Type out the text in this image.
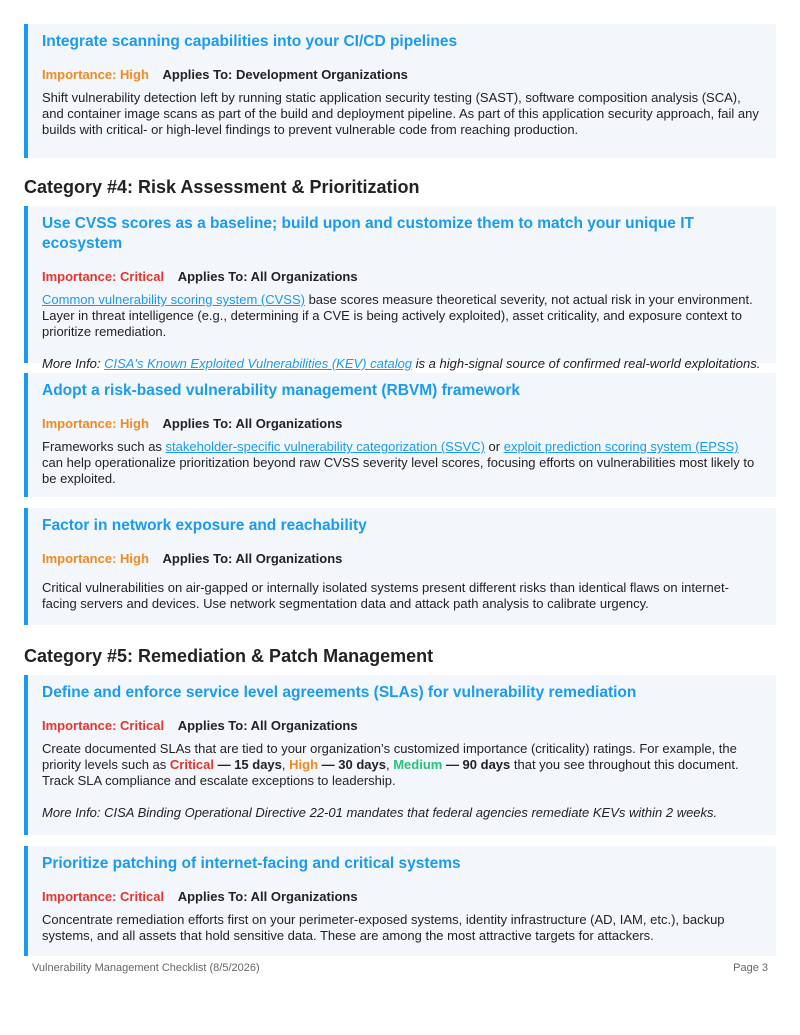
Integrate scanning capabilities into your CI/CD pipelines
Importance: High Applies To: Development Organizations
Shift vulnerability detection left by running static application security testing (SAST), software composition analysis (SCA), and container image scans as part of the build and deployment pipeline. As part of this application security approach, fail any builds with critical- or high-level findings to prevent vulnerable code from reaching production.
Category #4: Risk Assessment & Prioritization
Use CVSS scores as a baseline; build upon and customize them to match your unique IT ecosystem
Importance: Critical Applies To: All Organizations
Common vulnerability scoring system (CVSS) base scores measure theoretical severity, not actual risk in your environment. Layer in threat intelligence (e.g., determining if a CVE is being actively exploited), asset criticality, and exposure context to prioritize remediation.
More Info: CISA's Known Exploited Vulnerabilities (KEV) catalog is a high-signal source of confirmed real-world exploitations.
Adopt a risk-based vulnerability management (RBVM) framework
Importance: High Applies To: All Organizations
Frameworks such as stakeholder-specific vulnerability categorization (SSVC) or exploit prediction scoring system (EPSS) can help operationalize prioritization beyond raw CVSS severity level scores, focusing efforts on vulnerabilities most likely to be exploited.
Factor in network exposure and reachability
Importance: High Applies To: All Organizations
Critical vulnerabilities on air-gapped or internally isolated systems present different risks than identical flaws on internet-facing servers and devices. Use network segmentation data and attack path analysis to calibrate urgency.
Category #5: Remediation & Patch Management
Define and enforce service level agreements (SLAs) for vulnerability remediation
Importance: Critical Applies To: All Organizations
Create documented SLAs that are tied to your organization’s customized importance (criticality) ratings. For example, the priority levels such as Critical — 15 days, High — 30 days, Medium — 90 days that you see throughout this document. Track SLA compliance and escalate exceptions to leadership.
More Info: CISA Binding Operational Directive 22-01 mandates that federal agencies remediate KEVs within 2 weeks.
Prioritize patching of internet-facing and critical systems
Importance: Critical Applies To: All Organizations
Concentrate remediation efforts first on your perimeter-exposed systems, identity infrastructure (AD, IAM, etc.), backup systems, and all assets that hold sensitive data. These are among the most attractive targets for attackers.
Vulnerability Management Checklist (8/5/2026)	Page 3
